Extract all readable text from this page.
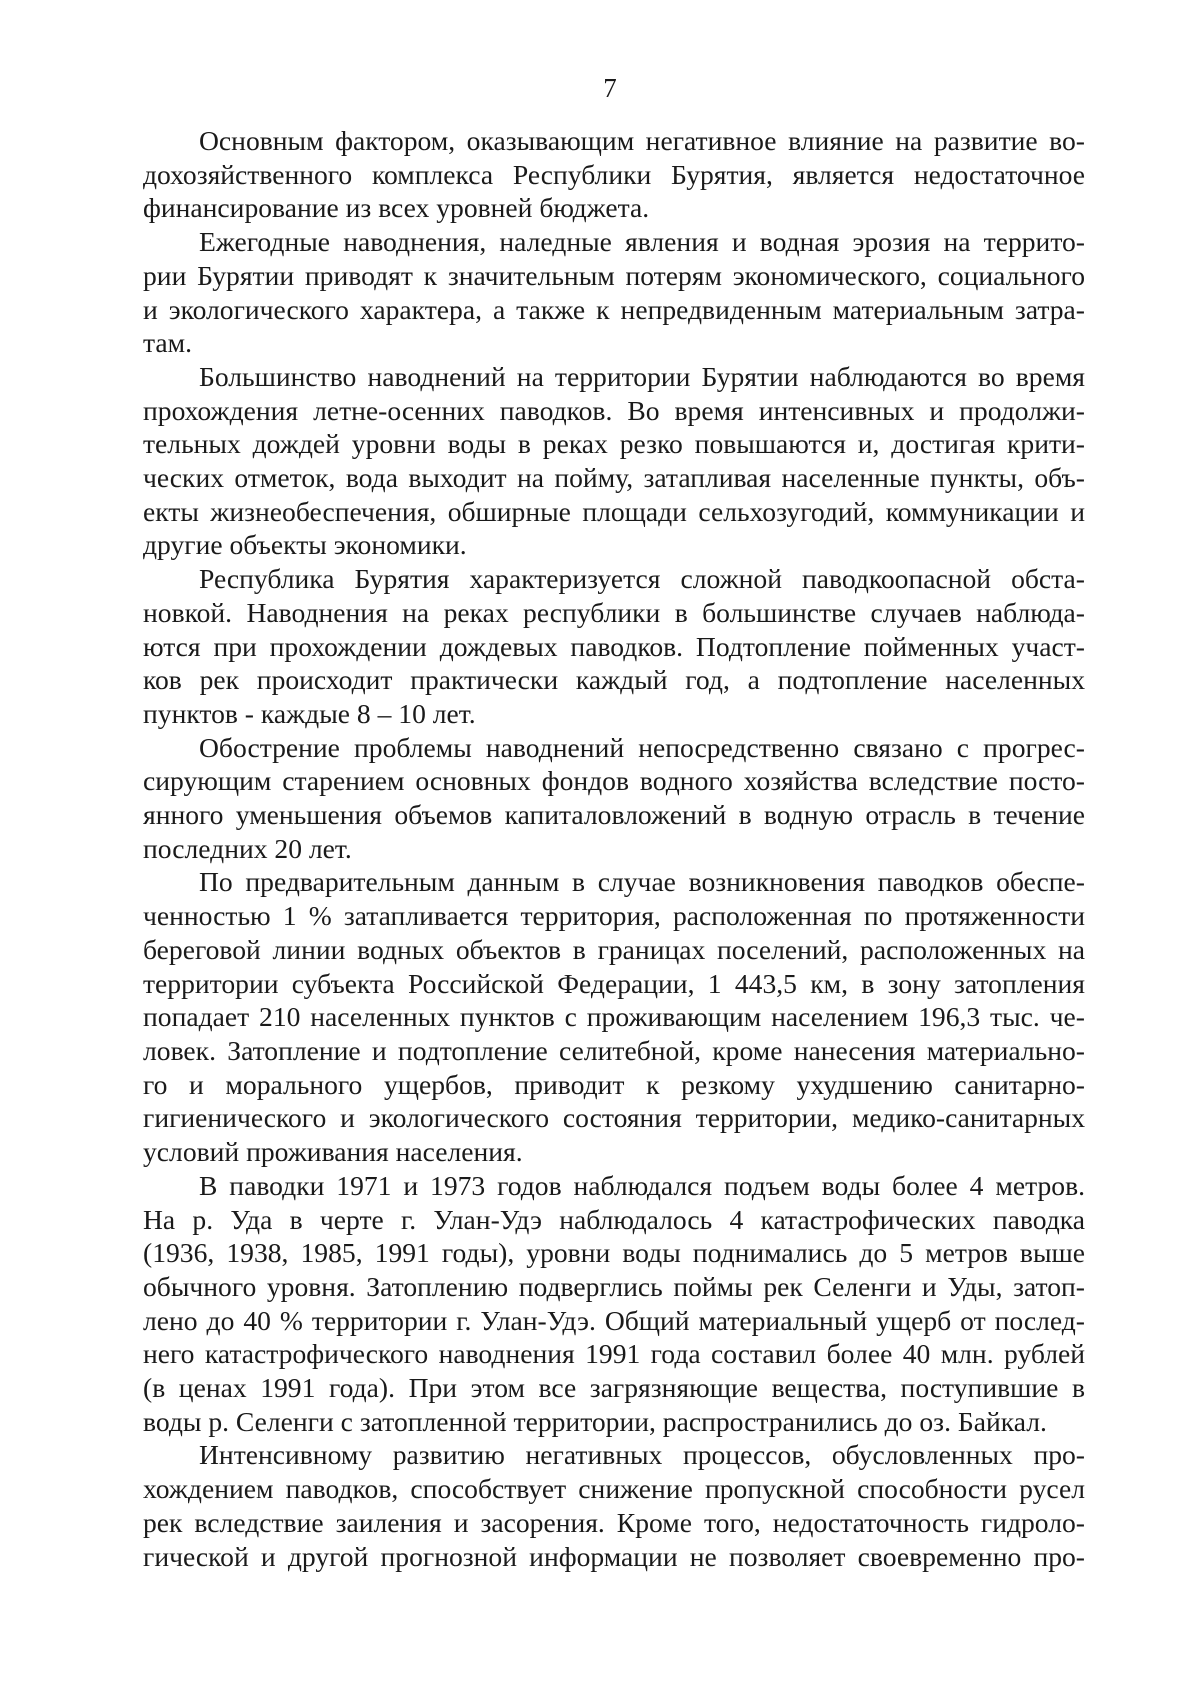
7
Основным фактором, оказывающим негативное влияние на развитие во-
дохозяйственного комплекса Республики Бурятия, является недостаточное
финансирование из всех уровней бюджета.
Ежегодные наводнения, наледные явления и водная эрозия на террито-
рии Бурятии приводят к значительным потерям экономического, социального
и экологического характера, а также к непредвиденным материальным затра-
там.
Большинство наводнений на территории Бурятии наблюдаются во время
прохождения летне-осенних паводков. Во время интенсивных и продолжи-
тельных дождей уровни воды в реках резко повышаются и, достигая крити-
ческих отметок, вода выходит на пойму, затапливая населенные пункты, объ-
екты жизнеобеспечения, обширные площади сельхозугодий, коммуникации и
другие объекты экономики.
Республика Бурятия характеризуется сложной паводкоопасной обста-
новкой. Наводнения на реках республики в большинстве случаев наблюда-
ются при прохождении дождевых паводков. Подтопление пойменных участ-
ков рек происходит практически каждый год, а подтопление населенных
пунктов - каждые 8 – 10 лет.
Обострение проблемы наводнений непосредственно связано с прогрес-
сирующим старением основных фондов водного хозяйства вследствие посто-
янного уменьшения объемов капиталовложений в водную отрасль в течение
последних 20 лет.
По предварительным данным в случае возникновения паводков обеспе-
ченностью 1 % затапливается территория, расположенная по протяженности
береговой линии водных объектов в границах поселений, расположенных на
территории субъекта Российской Федерации, 1 443,5 км, в зону затопления
попадает 210 населенных пунктов с проживающим населением 196,3 тыс. че-
ловек. Затопление и подтопление селитебной, кроме нанесения материально-
го и морального ущербов, приводит к резкому ухудшению санитарно-
гигиенического и экологического состояния территории, медико-санитарных
условий проживания населения.
В паводки 1971 и 1973 годов наблюдался подъем воды более 4 метров.
На р. Уда в черте г. Улан-Удэ наблюдалось 4 катастрофических паводка
(1936, 1938, 1985, 1991 годы), уровни воды поднимались до 5 метров выше
обычного уровня. Затоплению подверглись поймы рек Селенги и Уды, затоп-
лено до 40 % территории г. Улан-Удэ. Общий материальный ущерб от послед-
него катастрофического наводнения 1991 года составил более 40 млн. рублей
(в ценах 1991 года). При этом все загрязняющие вещества, поступившие в
воды р. Селенги с затопленной территории, распространились до оз. Байкал.
Интенсивному развитию негативных процессов, обусловленных про-
хождением паводков, способствует снижение пропускной способности русел
рек вследствие заиления и засорения. Кроме того, недостаточность гидроло-
гической и другой прогнозной информации не позволяет своевременно про-
